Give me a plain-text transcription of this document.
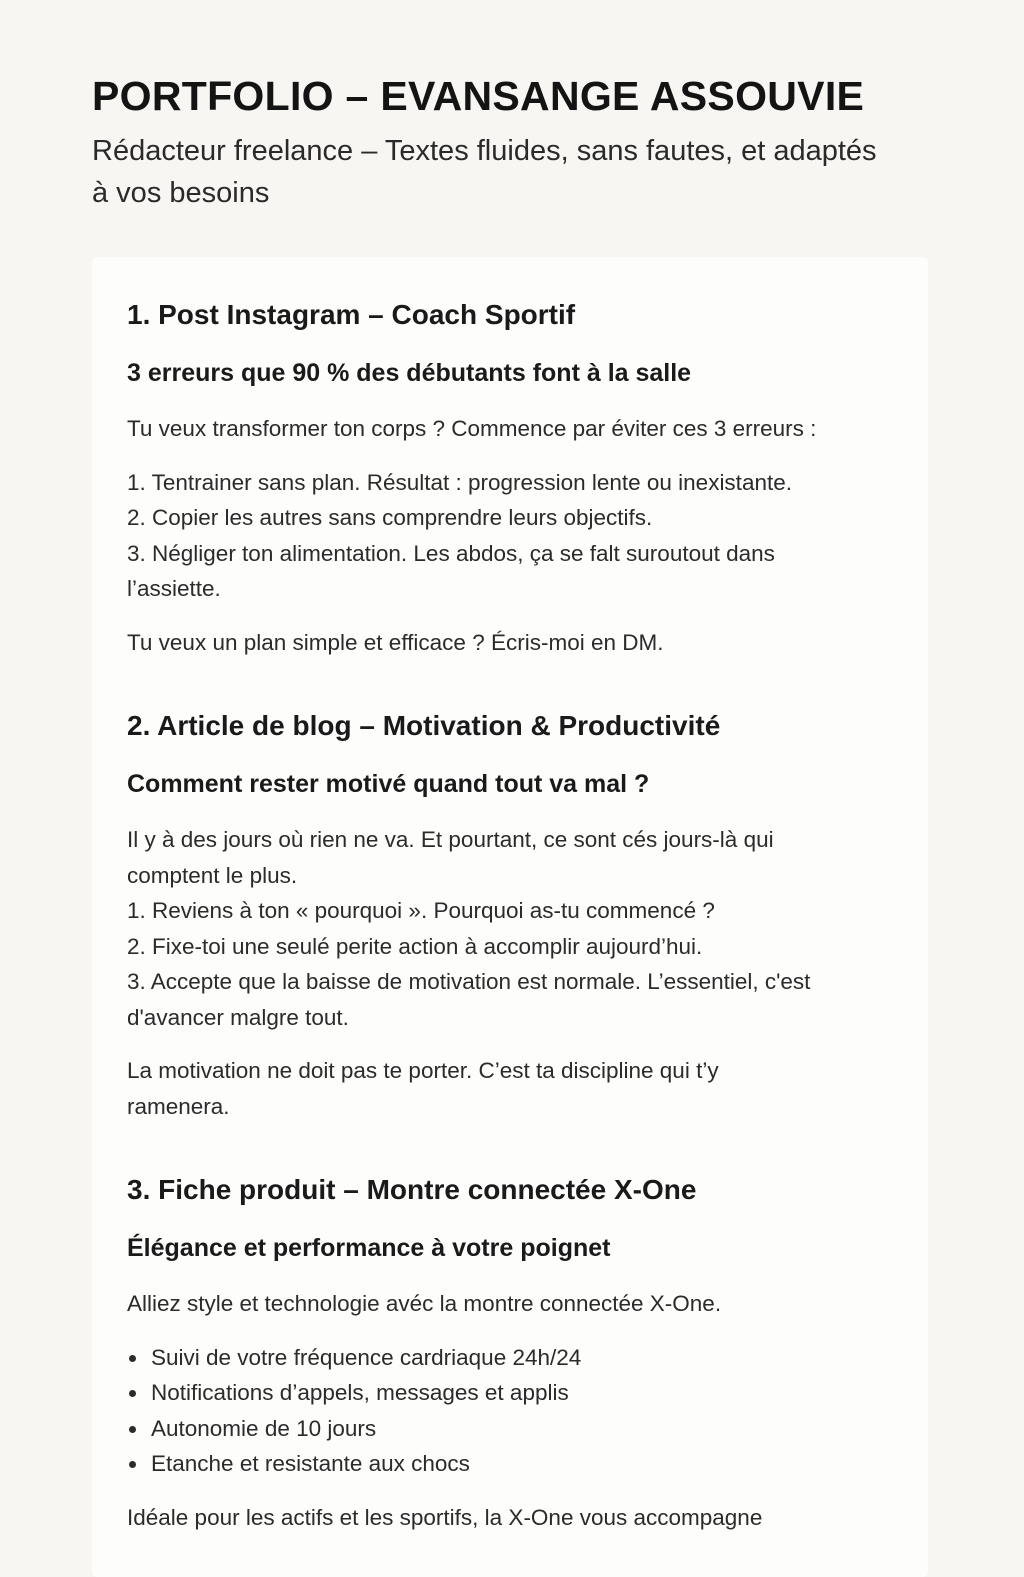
PORTFOLIO – EVANSANGE ASSOUVIE

Rédacteur freelance – Textes fluides, sans fautes, et adaptés à vos besoins

1. Post Instagram – Coach Sportif
3 erreurs que 90 % des débutants font à la salle

Tu veux transformer ton corps ? Commence par éviter ces 3 erreurs :

1. Tentrainer sans plan. Résultat : progression lente ou inexistante.
2. Copier les autres sans comprendre leurs objectifs.
3. Négliger ton alimentation. Les abdos, ça se falt suroutout dans l’assiette.

Tu veux un plan simple et efficace ? Écris-moi en DM.

2. Article de blog – Motivation & Productivité
Comment rester motivé quand tout va mal ?

Il y à des jours où rien ne va. Et pourtant, ce sont cés jours-là qui comptent le plus.

1. Reviens à ton « pourquoi ». Pourquoi as-tu commencé ?
2. Fixe-toi une seulé perite action à accomplir aujourd’hui.
3. Accepte que la baisse de motivation est normale. L’essentiel, c'est d'avancer malgre tout.

La motivation ne doit pas te porter. C’est ta discipline qui t’y ramenera.

3. Fiche produit – Montre connectée X-One
Élégance et performance à votre poignet

Alliez style et technologie avéc la montre connectée X-One.

Suivi de votre fréquence cardriaque 24h/24
Notifications d’appels, messages et applis
Autonomie de 10 jours
Etanche et resistante aux chocs

Idéale pour les actifs et les sportifs, la X-One vous accompagne
